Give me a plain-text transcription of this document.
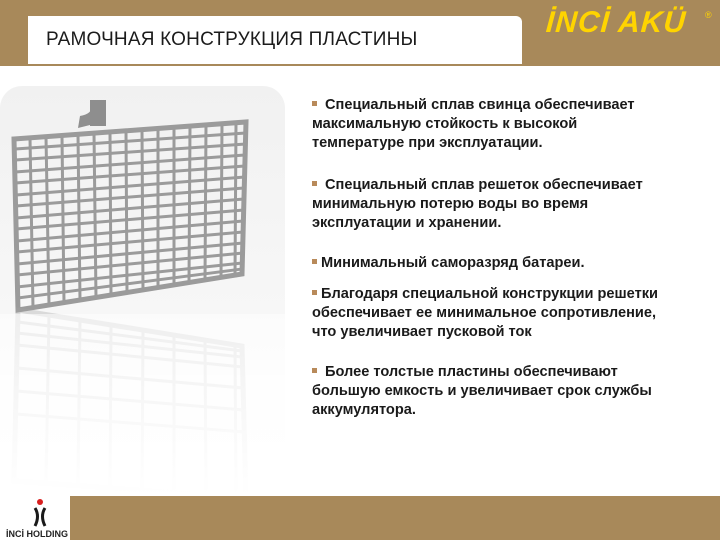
РАМОЧНАЯ КОНСТРУКЦИЯ ПЛАСТИНЫ
İNCİ AKÜ ®
Специальный сплав свинца обеспечивает
максимальную стойкость к высокой
температуре при эксплуатации.
Специальный сплав решеток обеспечивает
минимальную потерю воды во время
эксплуатации и хранении.
Минимальный саморазряд батареи.
Благодаря специальной конструкции решетки
обеспечивает ее минимальное сопротивление,
что увеличивает пусковой ток
Более толстые пластины обеспечивают
большую емкость и увеличивает срок службы
аккумулятора.
İNCİ HOLDING
